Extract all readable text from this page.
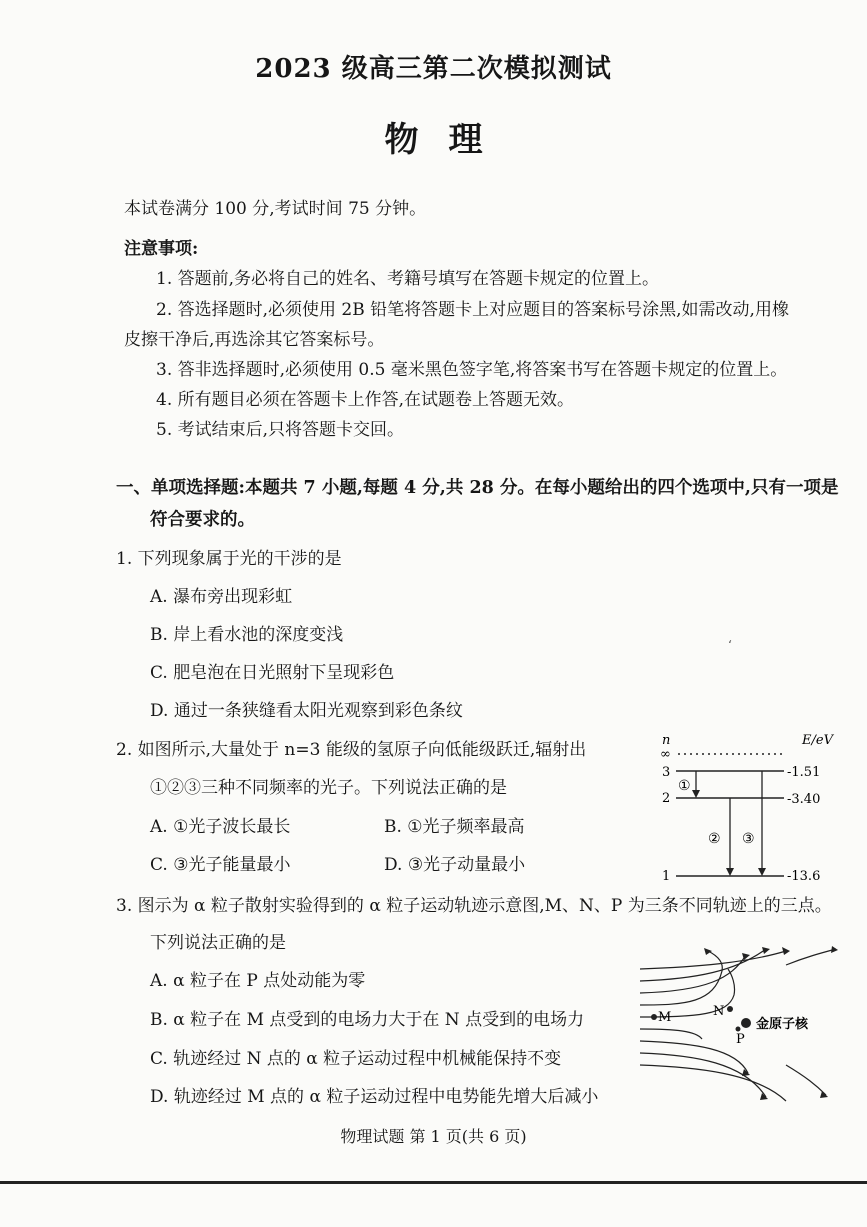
2023 级高三第二次模拟测试
物理
本试卷满分 100 分,考试时间 75 分钟。
注意事项:
1. 答题前,务必将自己的姓名、考籍号填写在答题卡规定的位置上。
2. 答选择题时,必须使用 2B 铅笔将答题卡上对应题目的答案标号涂黑,如需改动,用橡
皮擦干净后,再选涂其它答案标号。
3. 答非选择题时,必须使用 0.5 毫米黑色签字笔,将答案书写在答题卡规定的位置上。
4. 所有题目必须在答题卡上作答,在试题卷上答题无效。
5. 考试结束后,只将答题卡交回。
一、单项选择题:本题共 7 小题,每题 4 分,共 28 分。在每小题给出的四个选项中,只有一项是
符合要求的。
1. 下列现象属于光的干涉的是
A. 瀑布旁出现彩虹
B. 岸上看水池的深度变浅
C. 肥皂泡在日光照射下呈现彩色
D. 通过一条狭缝看太阳光观察到彩色条纹
2. 如图所示,大量处于 n=3 能级的氢原子向低能级跃迁,辐射出
①②③三种不同频率的光子。下列说法正确的是
A. ①光子波长最长	B. ①光子频率最高
C. ③光子能量最小	D. ③光子动量最小
n	E/eV
∞
3	-1.51
2	-3.40
1	-13.6
①
② ③
3. 图示为 α 粒子散射实验得到的 α 粒子运动轨迹示意图,M、N、P 为三条不同轨迹上的三点。
下列说法正确的是
A. α 粒子在 P 点处动能为零
B. α 粒子在 M 点受到的电场力大于在 N 点受到的电场力
C. 轨迹经过 N 点的 α 粒子运动过程中机械能保持不变
D. 轨迹经过 M 点的 α 粒子运动过程中电势能先增大后减小
M	N
金原子核
P
物理试题 第 1 页(共 6 页)
ʻ
